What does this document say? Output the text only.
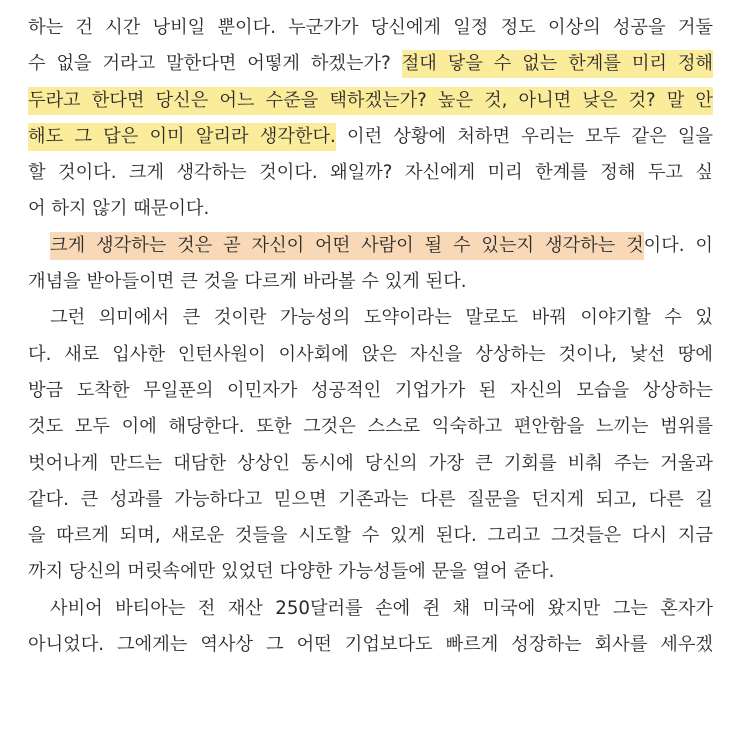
하는 건 시간 낭비일 뿐이다. 누군가가 당신에게 일정 정도 이상의 성공을 거둘
수 없을 거라고 말한다면 어떻게 하겠는가? 절대 닿을 수 없는 한계를 미리 정해
두라고 한다면 당신은 어느 수준을 택하겠는가? 높은 것, 아니면 낮은 것? 말 안
해도 그 답은 이미 알리라 생각한다. 이런 상황에 처하면 우리는 모두 같은 일을
할 것이다. 크게 생각하는 것이다. 왜일까? 자신에게 미리 한계를 정해 두고 싶
어 하지 않기 때문이다.
크게 생각하는 것은 곧 자신이 어떤 사람이 될 수 있는지 생각하는 것이다. 이
개념을 받아들이면 큰 것을 다르게 바라볼 수 있게 된다.
그런 의미에서 큰 것이란 가능성의 도약이라는 말로도 바꿔 이야기할 수 있
다. 새로 입사한 인턴사원이 이사회에 앉은 자신을 상상하는 것이나, 낯선 땅에
방금 도착한 무일푼의 이민자가 성공적인 기업가가 된 자신의 모습을 상상하는
것도 모두 이에 해당한다. 또한 그것은 스스로 익숙하고 편안함을 느끼는 범위를
벗어나게 만드는 대담한 상상인 동시에 당신의 가장 큰 기회를 비춰 주는 거울과
같다. 큰 성과를 가능하다고 믿으면 기존과는 다른 질문을 던지게 되고, 다른 길
을 따르게 되며, 새로운 것들을 시도할 수 있게 된다. 그리고 그것들은 다시 지금
까지 당신의 머릿속에만 있었던 다양한 가능성들에 문을 열어 준다.
사비어 바티아는 전 재산 250달러를 손에 쥔 채 미국에 왔지만 그는 혼자가
아니었다. 그에게는 역사상 그 어떤 기업보다도 빠르게 성장하는 회사를 세우겠
